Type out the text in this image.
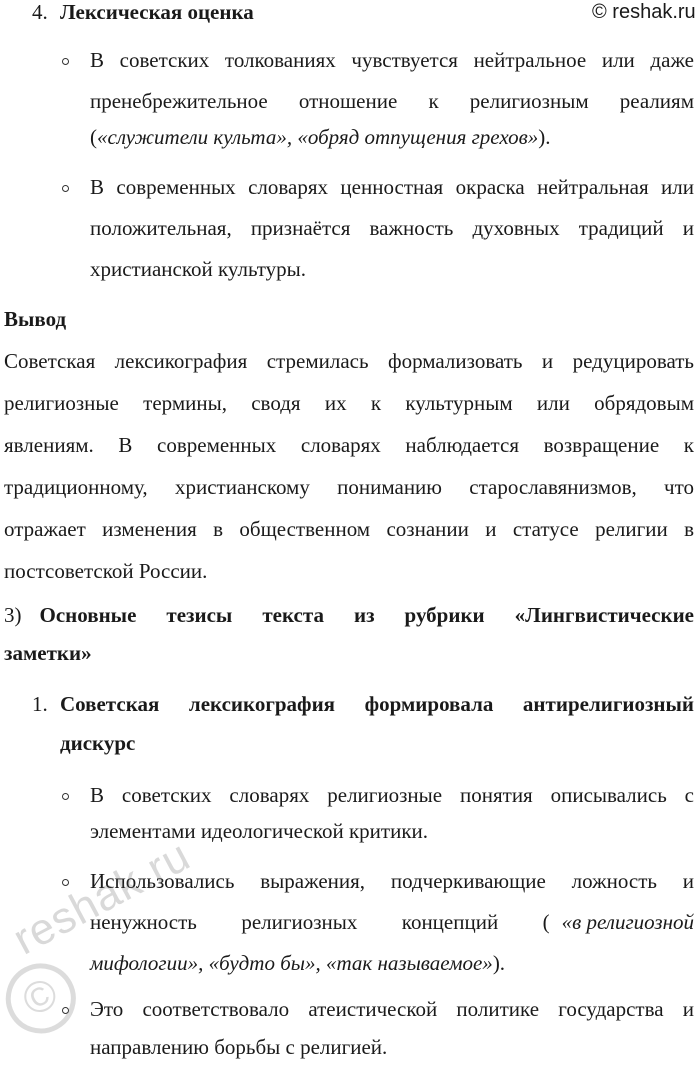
4. Лексическая оценка	© reshak.ru
В советских толкованиях чувствуется нейтральное или даже
пренебрежительное отношение к религиозным реалиям
(«служители культа», «обряд отпущения грехов»).
В современных словарях ценностная окраска нейтральная или
положительная, признаётся важность духовных традиций и
христианской культуры.
Вывод
Советская лексикография стремилась формализовать и редуцировать
религиозные термины, сводя их к культурным или обрядовым
явлениям. В современных словарях наблюдается возвращение к
традиционному, христианскому пониманию старославянизмов, что
отражает изменения в общественном сознании и статусе религии в
постсоветской России.
3) Основные тезисы текста из рубрики «Лингвистические
заметки»
1. Советская лексикография формировала антирелигиозный
дискурс
В советских словарях религиозные понятия описывались с
элементами идеологической критики.
Использовались выражения, подчеркивающие ложность и
ненужность религиозных концепций ( «в религиозной
мифологии», «будто бы», «так называемое»).
Это соответствовало атеистической политике государства и
направлению борьбы с религией.
reshak.ru
©
